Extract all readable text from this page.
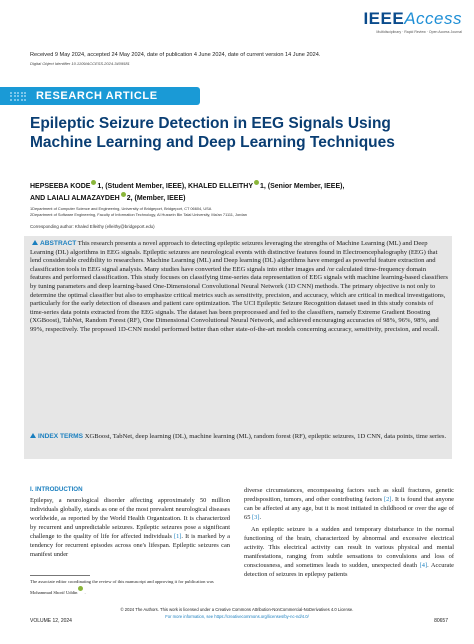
IEEEAccess
Multidisciplinary · Rapid Review · Open Access Journal
Received 9 May 2024, accepted 24 May 2024, date of publication 4 June 2024, date of current version 14 June 2024.
Digital Object Identifier 10.1109/ACCESS.2024.3409581
RESEARCH ARTICLE
Epileptic Seizure Detection in EEG Signals Using Machine Learning and Deep Learning Techniques
HEPSEEBA KODE 1, (Student Member, IEEE), KHALED ELLEITHY 1, (Senior Member, IEEE),
AND LAIALI ALMAZAYDEH 2, (Member, IEEE)
1Department of Computer Science and Engineering, University of Bridgeport, Bridgeport, CT 06604, USA
2Department of Software Engineering, Faculty of Information Technology, Al Hussein Bin Talal University, Ma'an 71111, Jordan
Corresponding author: Khaled Elleithy (elleithy@bridgeport.edu)
ABSTRACT This research presents a novel approach to detecting epileptic seizures leveraging the strengths of Machine Learning (ML) and Deep Learning (DL) algorithms in EEG signals. Epileptic seizures are neurological events with distinctive features found in Electroencephalography (EEG) that lend considerable credibility to researchers. Machine Learning (ML) and Deep learning (DL) algorithms have emerged as powerful feature extraction and classification tools in EEG signal analysis. Many studies have converted the EEG signals into either images and /or calculated time-frequency domain features and performed classification. This study focuses on classifying time-series data representation of EEG signals with machine learning-based classifiers by tuning parameters and deep learning-based One-Dimensional Convolutional Neural Network (1D CNN) methods. The primary objective is not only to determine the optimal classifier but also to emphasize critical metrics such as sensitivity, precision, and accuracy, which are critical in medical investigations, particularly for the early detection of diseases and patient care optimization. The UCI Epileptic Seizure Recognition dataset used in this study consists of time-series data points extracted from the EEG signals. The dataset has been preprocessed and fed to the classifiers, namely Extreme Gradient Boosting (XGBoost), TabNet, Random Forest (RF), One Dimensional Convolutional Neural Network, and achieved encouraging accuracies of 98%, 96%, 98%, and 99%, respectively. The proposed 1D-CNN model performed better than other state-of-the-art models concerning accuracy, sensitivity, precision, and recall.
INDEX TERMS XGBoost, TabNet, deep learning (DL), machine learning (ML), random forest (RF), epileptic seizures, 1D CNN, data points, time series.
I. INTRODUCTION

Epilepsy, a neurological disorder affecting approximately 50 million individuals globally, stands as one of the most prevalent neurological diseases worldwide, as reported by the World Health Organization. It is characterized by recurrent and unpredictable seizures. Epileptic seizures pose a significant challenge to the quality of life for affected individuals [1]. It is marked by a tendency for recurrent episodes across one's lifespan. Epileptic seizures can manifest under

The associate editor coordinating the review of this manuscript and approving it for publication was Mohammad Shorif Uddin .

diverse circumstances, encompassing factors such as skull fractures, genetic predisposition, tumors, and other contributing factors [2]. It is found that anyone can be affected at any age, but it is most initiated in childhood or over the age of 65 [3].

An epileptic seizure is a sudden and temporary disturbance in the normal functioning of the brain, characterized by abnormal and excessive electrical activity. This electrical activity can result in various physical and mental manifestations, ranging from subtle sensations to convulsions and loss of consciousness, and sometimes leads to sudden, unexpected death [4]. Accurate detection of seizures in epilepsy patients

© 2024 The Authors. This work is licensed under a Creative Commons Attribution-NonCommercial-NoDerivatives 4.0 License.
For more information, see https://creativecommons.org/licenses/by-nc-nd/4.0/
VOLUME 12, 2024	80657
